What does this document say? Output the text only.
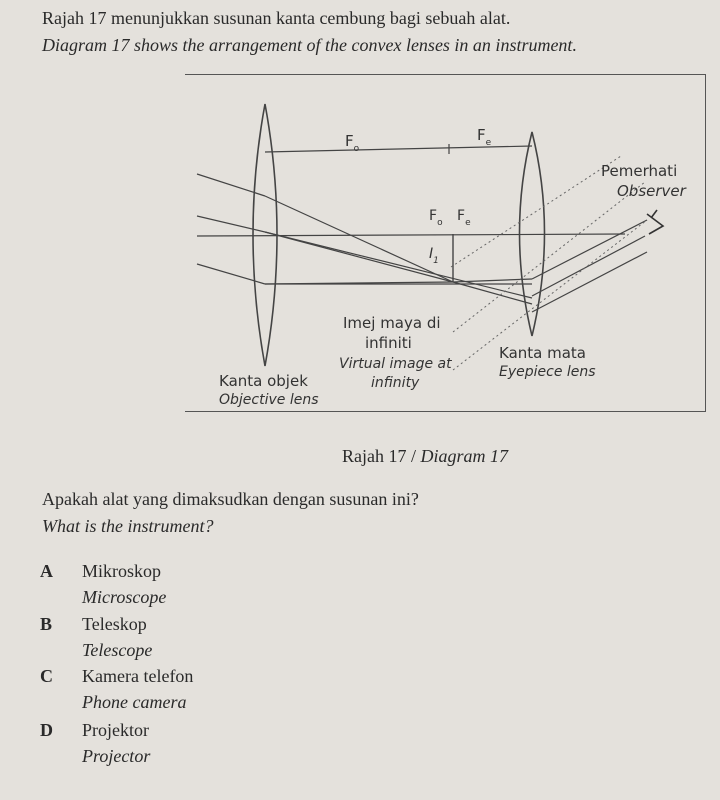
Rajah 17 menunjukkan susunan kanta cembung bagi sebuah alat.
Diagram 17 shows the arrangement of the convex lenses in an instrument.
$F_o$
$F_e$
Pemerhati
Observer
$F_o$ $F_e$
$I_1$
Imej maya di
infiniti
Virtual image at
infinity
Kanta mata
Eyepiece lens
Kanta objek
Objective lens
Rajah 17 / Diagram 17
Apakah alat yang dimaksudkan dengan susunan ini?
What is the instrument?
A	Mikroskop
Microscope
B	Teleskop
Telescope
C	Kamera telefon
Phone camera
D	Projektor
Projector
